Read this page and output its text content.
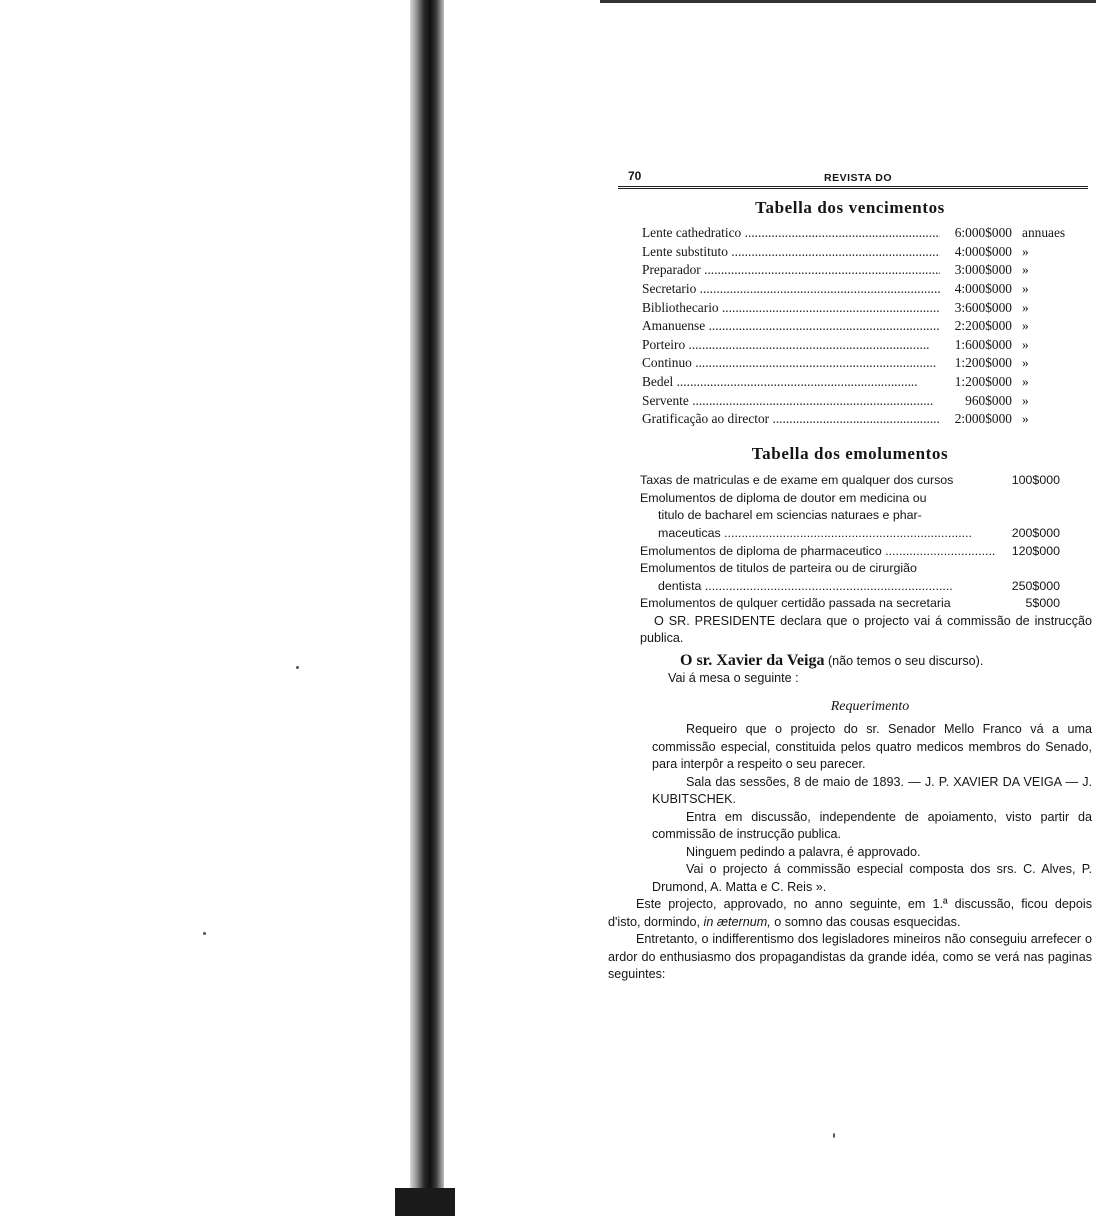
70	REVISTA DO
Tabella dos vencimentos
Lente cathedratico .....	6:000$000 annuaes
Lente substituto .....	4:000$000 »
Preparador .....	3:000$000 »
Secretario .....	4:000$000 »
Bibliothecario .....	3:600$000 »
Amanuense .....	2:200$000 »
Porteiro .....	1:600$000 »
Continuo .....	1:200$000 »
Bedel .....	1:200$000 »
Servente .....	960$000 »
Gratificação ao director .....	2:000$000 »
Tabella dos emolumentos
Taxas de matriculas e de exame em qualquer dos cursos	100$000
Emolumentos de diploma de doutor em medicina ou
titulo de bacharel em sciencias naturaes e phar-
maceuticas .....	200$000
Emolumentos de diploma de pharmaceutico .....	120$000
Emolumentos de titulos de parteira ou de cirurgião
dentista .....	250$000
Emolumentos de qulquer certidão passada na secretaria	5$000
O SR. PRESIDENTE declara que o projecto vai á commissão de instrucção publica.
O sr. Xavier da Veiga (não temos o seu discurso).
Vai á mesa o seguinte :
Requerimento
Requeiro que o projecto do sr. Senador Mello Franco vá a uma commissão especial, constituida pelos quatro medicos membros do Senado, para interpôr a respeito o seu parecer.
Sala das sessões, 8 de maio de 1893. — J. P. XAVIER DA VEIGA — J. KUBITSCHEK.
Entra em discussão, independente de apoiamento, visto partir da commissão de instrucção publica.
Ninguem pedindo a palavra, é approvado.
Vai o projecto á commissão especial composta dos srs. C. Alves, P. Drumond, A. Matta e C. Reis ».
Este projecto, approvado, no anno seguinte, em 1.ª discussão, ficou depois d'isto, dormindo, in æternum, o somno das cousas esquecidas.
Entretanto, o indifferentismo dos legisladores mineiros não conseguiu arrefecer o ardor do enthusiasmo dos propagandistas da grande idéa, como se verá nas paginas seguintes:
